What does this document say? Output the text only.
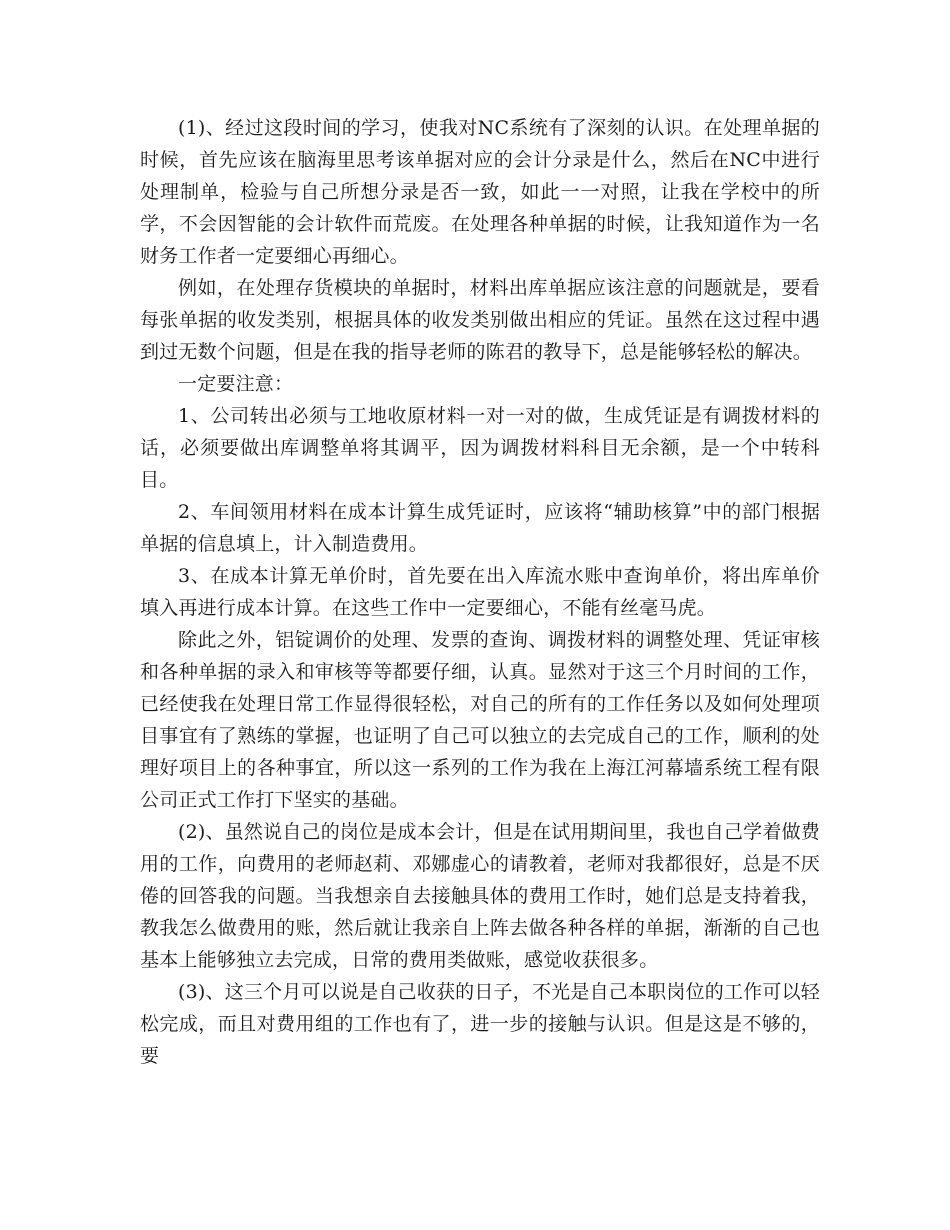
(1)、经过这段时间的学习，使我对NC系统有了深刻的认识。在处理单据的时候，首先应该在脑海里思考该单据对应的会计分录是什么，然后在NC中进行处理制单，检验与自己所想分录是否一致，如此一一对照，让我在学校中的所学，不会因智能的会计软件而荒废。在处理各种单据的时候，让我知道作为一名财务工作者一定要细心再细心。

例如，在处理存货模块的单据时，材料出库单据应该注意的问题就是，要看每张单据的收发类别，根据具体的收发类别做出相应的凭证。虽然在这过程中遇到过无数个问题，但是在我的指导老师的陈君的教导下，总是能够轻松的解决。

一定要注意：

1、公司转出必须与工地收原材料一对一对的做，生成凭证是有调拨材料的话，必须要做出库调整单将其调平，因为调拨材料科目无余额，是一个中转科目。

2、车间领用材料在成本计算生成凭证时，应该将“辅助核算”中的部门根据单据的信息填上，计入制造费用。

3、在成本计算无单价时，首先要在出入库流水账中查询单价，将出库单价填入再进行成本计算。在这些工作中一定要细心，不能有丝毫马虎。

除此之外，铝锭调价的处理、发票的查询、调拨材料的调整处理、凭证审核和各种单据的录入和审核等等都要仔细，认真。显然对于这三个月时间的工作，已经使我在处理日常工作显得很轻松，对自己的所有的工作任务以及如何处理项目事宜有了熟练的掌握，也证明了自己可以独立的去完成自己的工作，顺利的处理好项目上的各种事宜，所以这一系列的工作为我在上海江河幕墙系统工程有限公司正式工作打下坚实的基础。

(2)、虽然说自己的岗位是成本会计，但是在试用期间里，我也自己学着做费用的工作，向费用的老师赵莉、邓娜虚心的请教着，老师对我都很好，总是不厌倦的回答我的问题。当我想亲自去接触具体的费用工作时，她们总是支持着我，教我怎么做费用的账，然后就让我亲自上阵去做各种各样的单据，渐渐的自己也基本上能够独立去完成，日常的费用类做账，感觉收获很多。

(3)、这三个月可以说是自己收获的日子，不光是自己本职岗位的工作可以轻松完成，而且对费用组的工作也有了，进一步的接触与认识。但是这是不够的，要
